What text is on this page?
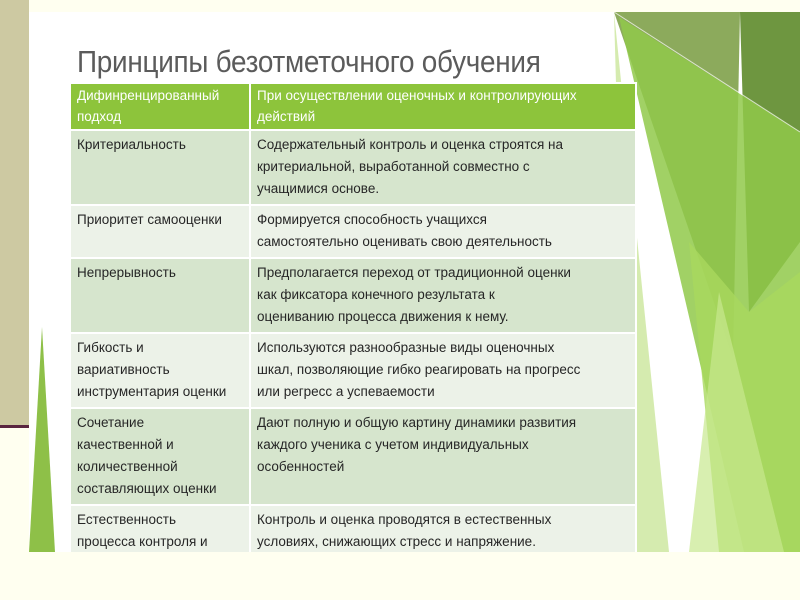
Принципы безотметочного обучения
Дифинренцированный
подход	При осуществлении оценочных и контролирующих
действий

Критериальность	Содержательный контроль и оценка строятся на
критериальной, выработанной совместно с
учащимися основе.

Приоритет самооценки	Формируется способность учащихся
самостоятельно оценивать свою деятельность

Непрерывность	Предполагается переход от традиционной оценки
как фиксатора конечного результата к
оцениванию процесса движения к нему.

Гибкость и
вариативность
инструментария оценки	Используются разнообразные виды оценочных
шкал, позволяющие гибко реагировать на прогресс
или регресс а успеваемости

Сочетание
качественной и
количественной
составляющих оценки	Дают полную и общую картину динамики развития
каждого ученика с учетом индивидуальных
особенностей

Естественность
процесса контроля и	Контроль и оценка проводятся в естественных
условиях, снижающих стресс и напряжение.
